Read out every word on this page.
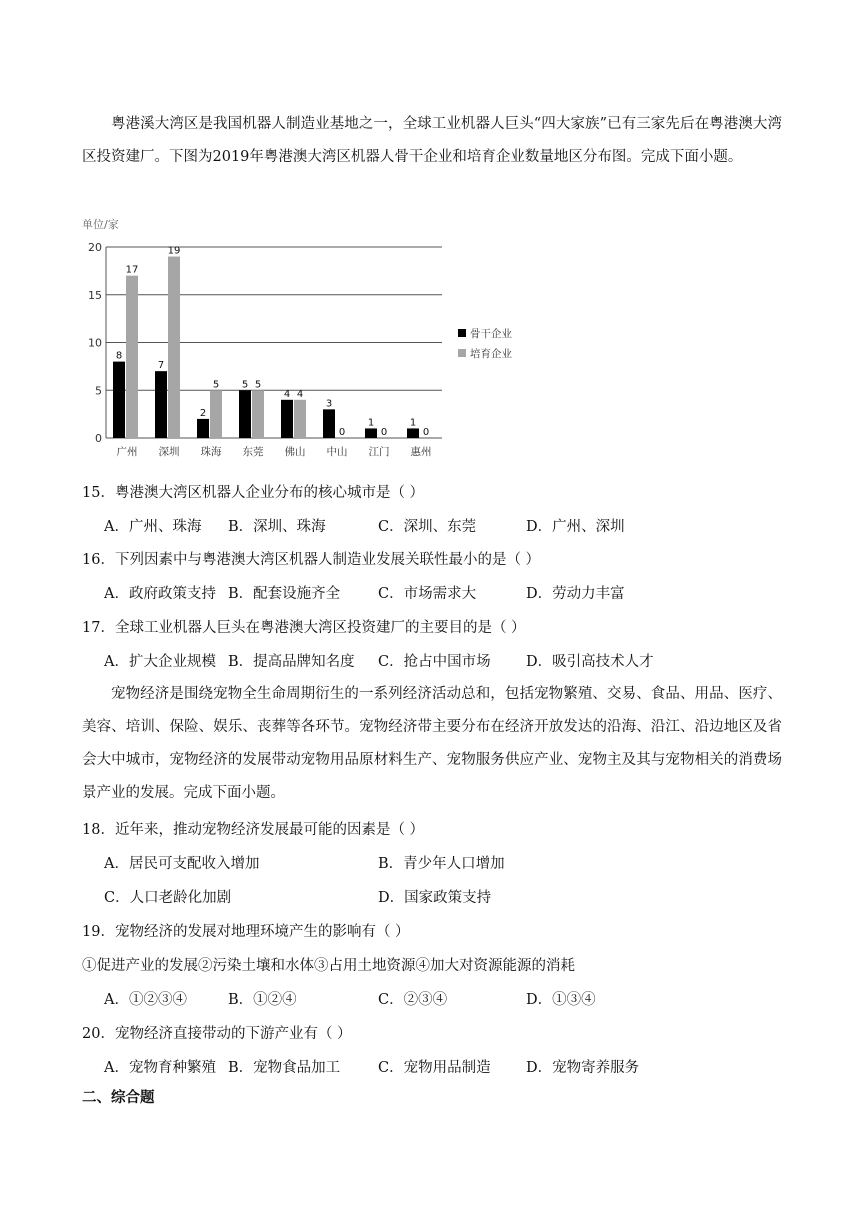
粤港溪大湾区是我国机器人制造业基地之一，全球工业机器人巨头“四大家族”已有三家先后在粤港澳大湾区投资建厂。下图为2019年粤港澳大湾区机器人骨干企业和培育企业数量地区分布图。完成下面小题。

单位/家
0
5
10
15
20
8
17
广州
7
19
深圳
2
5
珠海
5 5
东莞
4 4
佛山
3
0
中山
1
0
江门
1
0
惠州
骨干企业
培育企业

15．粤港澳大湾区机器人企业分布的核心城市是（ ）

A．广州、珠海 B．深圳、珠海	C．深圳、东莞	D．广州、深圳

16．下列因素中与粤港澳大湾区机器人制造业发展关联性最小的是（ ）

A．政府政策支持 B．配套设施齐全	C．市场需求大	D．劳动力丰富

17．全球工业机器人巨头在粤港澳大湾区投资建厂的主要目的是（ ）

A．扩大企业规模 B．提高品牌知名度 C．抢占中国市场 D．吸引高技术人才

宠物经济是围绕宠物全生命周期衍生的一系列经济活动总和，包括宠物繁殖、交易、食品、用品、医疗、美容、培训、保险、娱乐、丧葬等各环节。宠物经济带主要分布在经济开放发达的沿海、沿江、沿边地区及省会大中城市，宠物经济的发展带动宠物用品原材料生产、宠物服务供应产业、宠物主及其与宠物相关的消费场景产业的发展。完成下面小题。

18．近年来，推动宠物经济发展最可能的因素是（ ）

A．居民可支配收入增加	B．青少年人口增加
C．人口老龄化加剧	D．国家政策支持

19．宠物经济的发展对地理环境产生的影响有（ ）

①促进产业的发展②污染土壤和水体③占用土地资源④加大对资源能源的消耗

A．①②③④	B．①②④	C．②③④	D．①③④

20．宠物经济直接带动的下游产业有（ ）

A．宠物育种繁殖 B．宠物食品加工	C．宠物用品制造 D．宠物寄养服务

二、综合题
